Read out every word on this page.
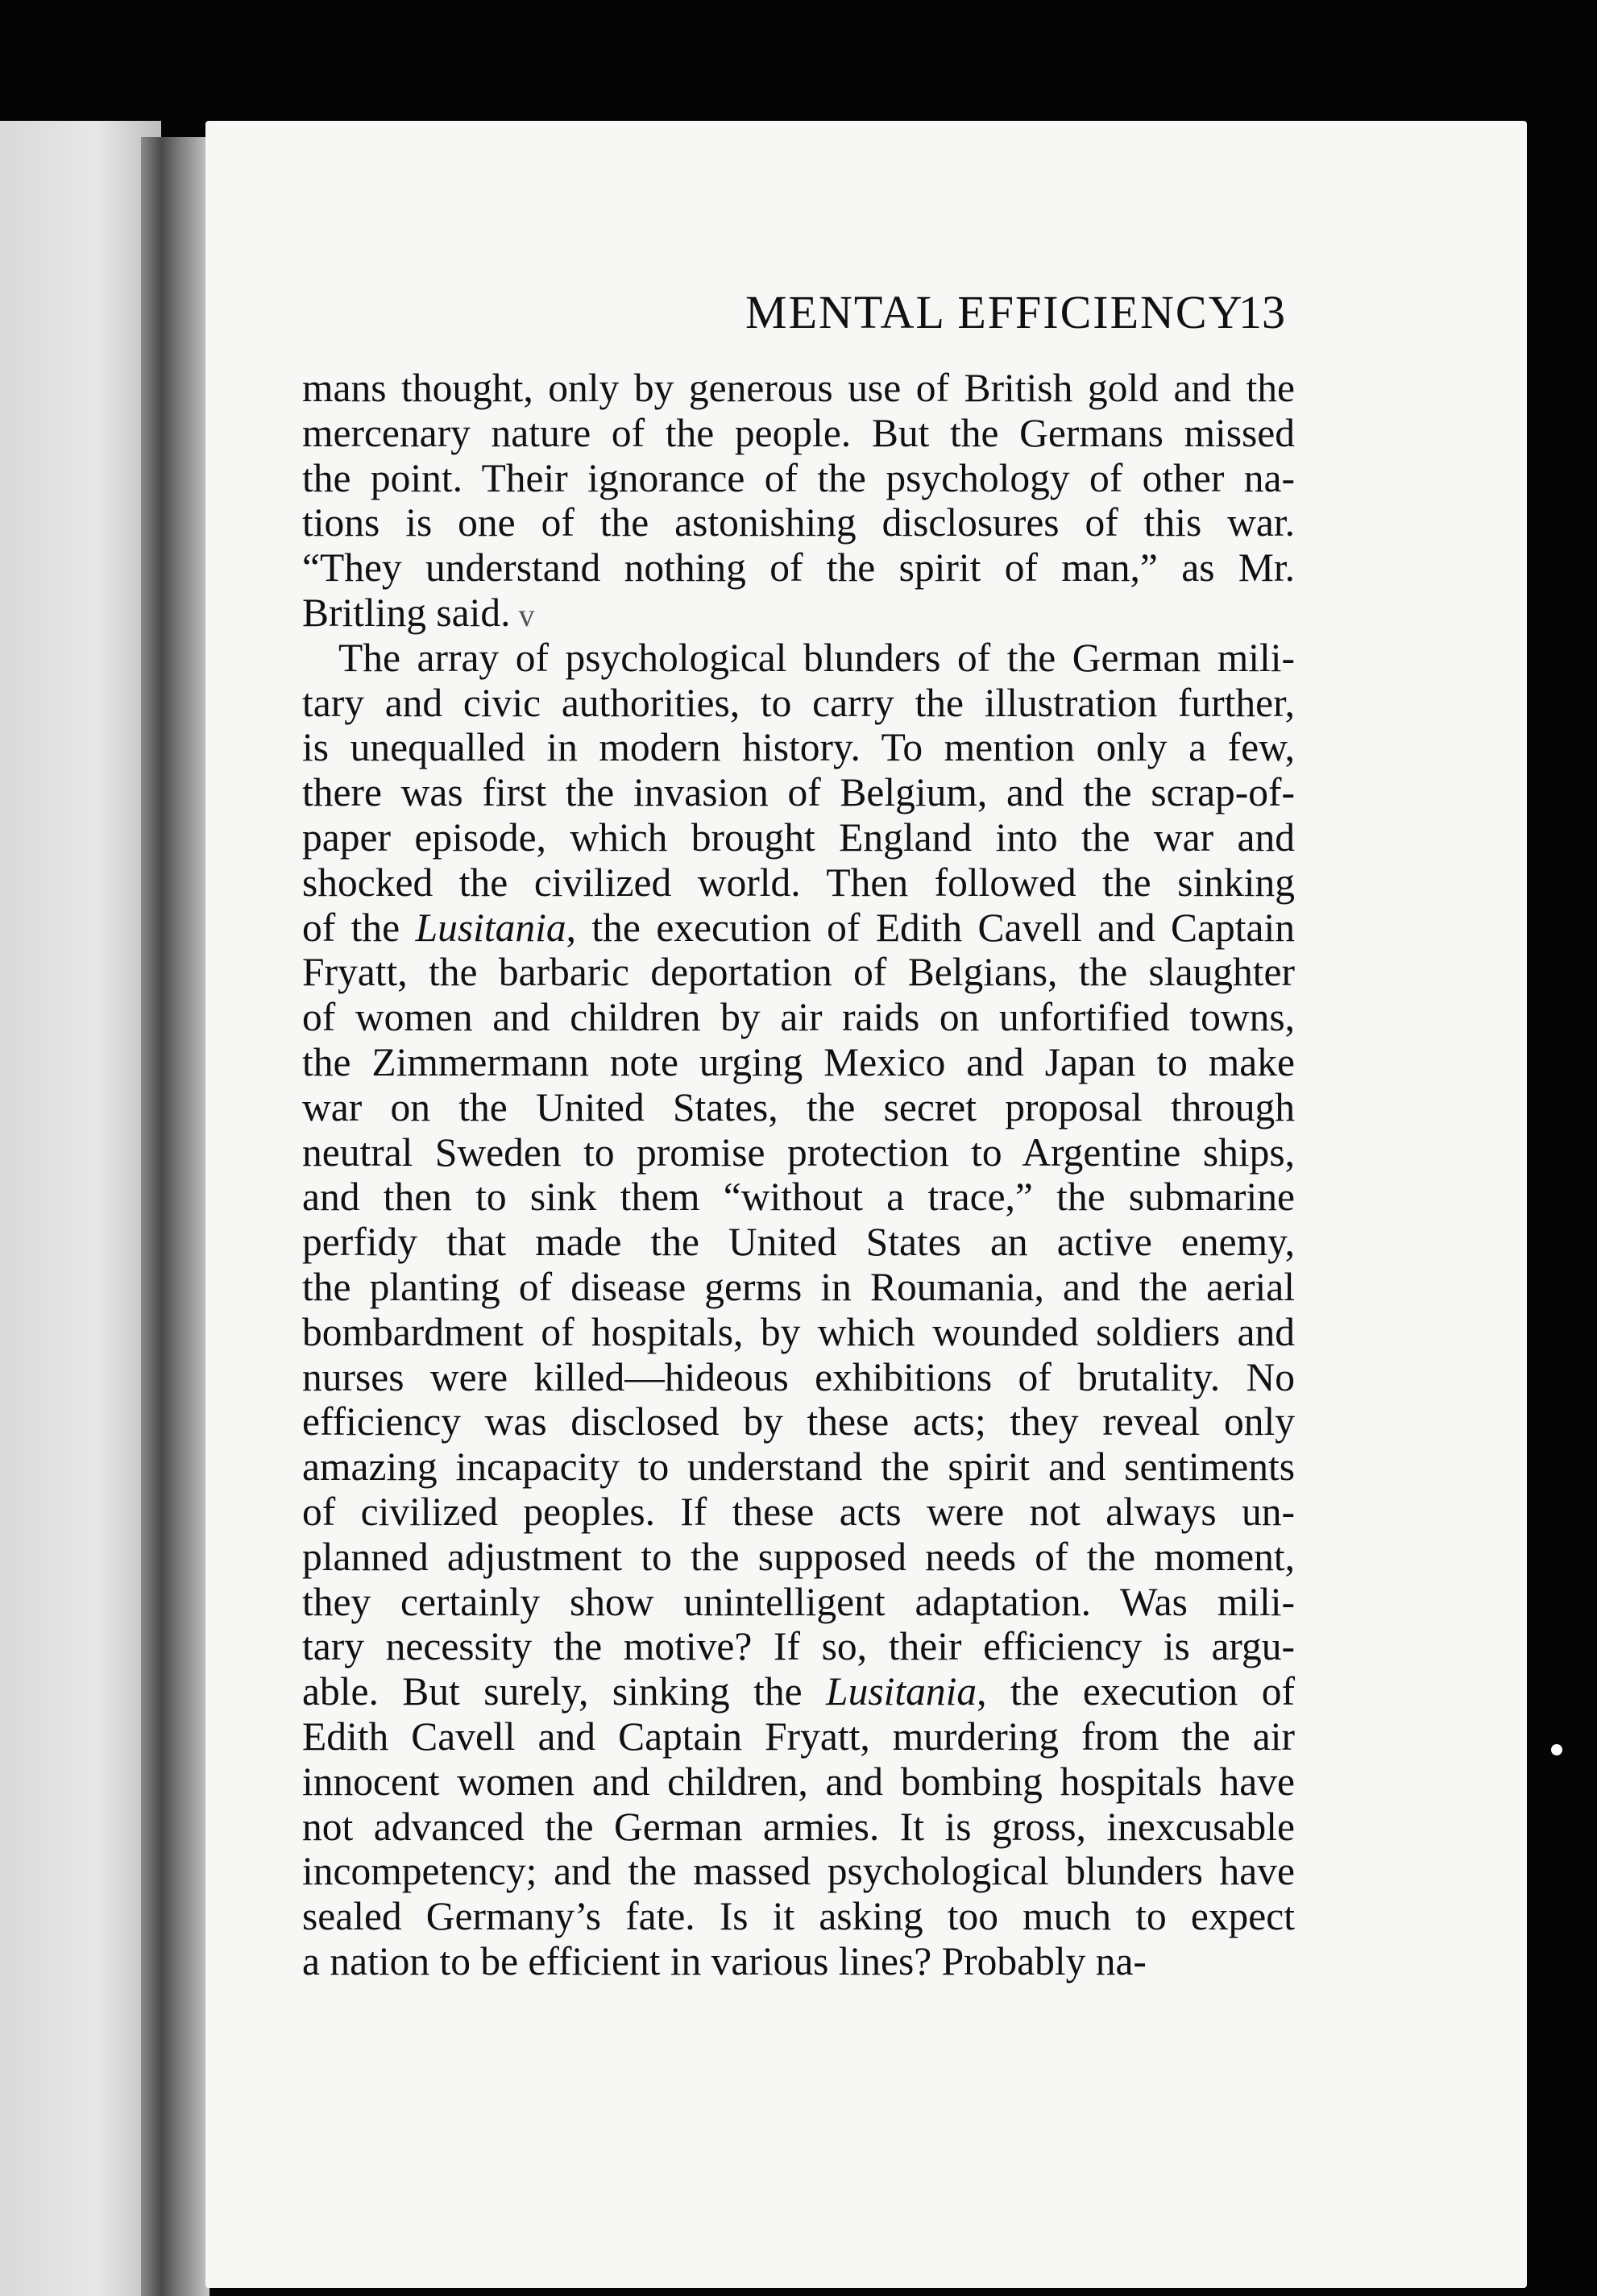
MENTAL EFFICIENCY
13
mans thought, only by generous use of British gold and the
mercenary nature of the people. But the Germans missed
the point. Their ignorance of the psychology of other na-
tions is one of the astonishing disclosures of this war.
“They understand nothing of the spirit of man,” as Mr.
Britling said. v
The array of psychological blunders of the German mili-
tary and civic authorities, to carry the illustration further,
is unequalled in modern history. To mention only a few,
there was first the invasion of Belgium, and the scrap-of-
paper episode, which brought England into the war and
shocked the civilized world. Then followed the sinking
of the Lusitania, the execution of Edith Cavell and Captain
Fryatt, the barbaric deportation of Belgians, the slaughter
of women and children by air raids on unfortified towns,
the Zimmermann note urging Mexico and Japan to make
war on the United States, the secret proposal through
neutral Sweden to promise protection to Argentine ships,
and then to sink them “without a trace,” the submarine
perfidy that made the United States an active enemy,
the planting of disease germs in Roumania, and the aerial
bombardment of hospitals, by which wounded soldiers and
nurses were killed—hideous exhibitions of brutality. No
efficiency was disclosed by these acts; they reveal only
amazing incapacity to understand the spirit and sentiments
of civilized peoples. If these acts were not always un-
planned adjustment to the supposed needs of the moment,
they certainly show unintelligent adaptation. Was mili-
tary necessity the motive? If so, their efficiency is argu-
able. But surely, sinking the Lusitania, the execution of
Edith Cavell and Captain Fryatt, murdering from the air
innocent women and children, and bombing hospitals have
not advanced the German armies. It is gross, inexcusable
incompetency; and the massed psychological blunders have
sealed Germany’s fate. Is it asking too much to expect
a nation to be efficient in various lines? Probably na-
